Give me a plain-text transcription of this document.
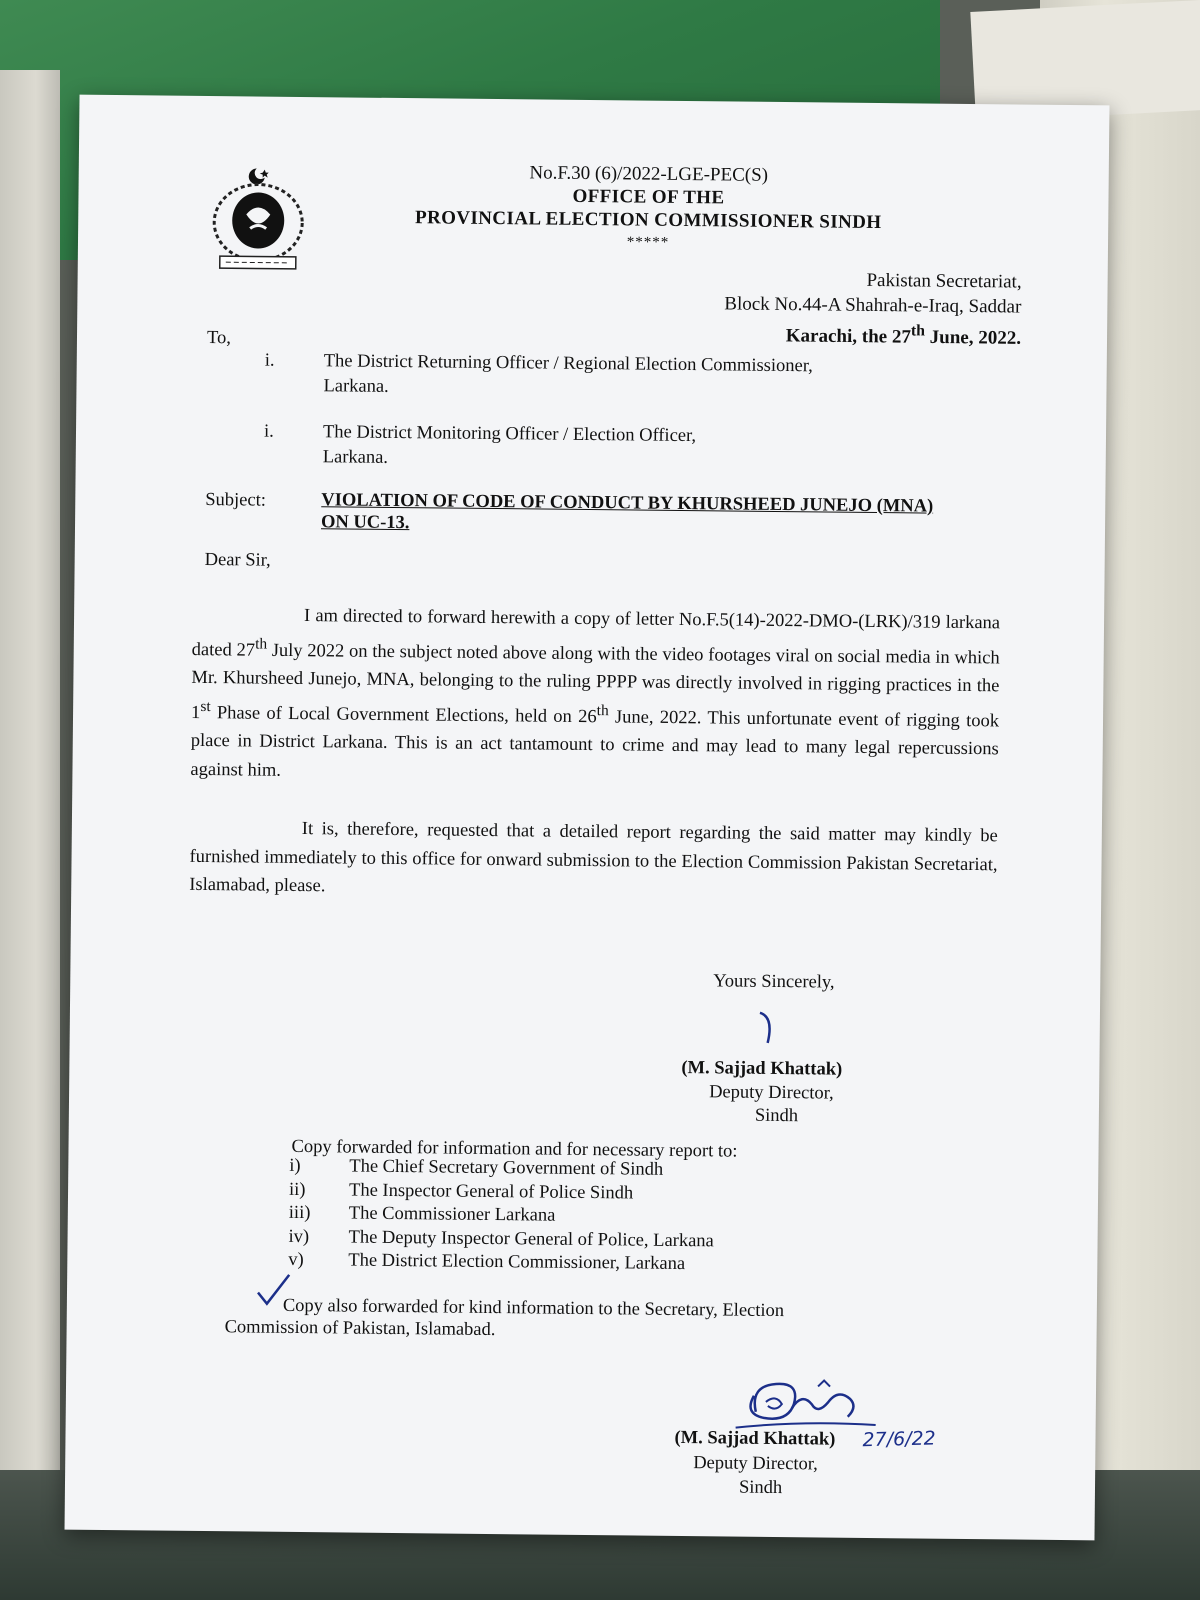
No.F.30 (6)/2022-LGE-PEC(S)
OFFICE OF THE
PROVINCIAL ELECTION COMMISSIONER SINDH
*****
Pakistan Secretariat,
Block No.44-A Shahrah-e-Iraq, Saddar
Karachi, the 27th June, 2022.
To,
i.	The District Returning Officer / Regional Election Commissioner,
Larkana.
i.	The District Monitoring Officer / Election Officer,
Larkana.
Subject:	VIOLATION OF CODE OF CONDUCT BY KHURSHEED JUNEJO (MNA)
ON UC-13.
Dear Sir,
I am directed to forward herewith a copy of letter No.F.5(14)-2022-DMO-(LRK)/319 larkana dated 27th July 2022 on the subject noted above along with the video footages viral on social media in which Mr. Khursheed Junejo, MNA, belonging to the ruling PPPP was directly involved in rigging practices in the 1st Phase of Local Government Elections, held on 26th June, 2022. This unfortunate event of rigging took place in District Larkana. This is an act tantamount to crime and may lead to many legal repercussions against him.
It is, therefore, requested that a detailed report regarding the said matter may kindly be furnished immediately to this office for onward submission to the Election Commission Pakistan Secretariat, Islamabad, please.
Yours Sincerely,
(M. Sajjad Khattak)
Deputy Director,
Sindh
Copy forwarded for information and for necessary report to:
i)	The Chief Secretary Government of Sindh
ii)	The Inspector General of Police Sindh
iii)	The Commissioner Larkana
iv)	The Deputy Inspector General of Police, Larkana
v)	The District Election Commissioner, Larkana
Copy also forwarded for kind information to the Secretary, Election Commission of Pakistan, Islamabad.
27/6/22
(M. Sajjad Khattak)
Deputy Director,
Sindh
